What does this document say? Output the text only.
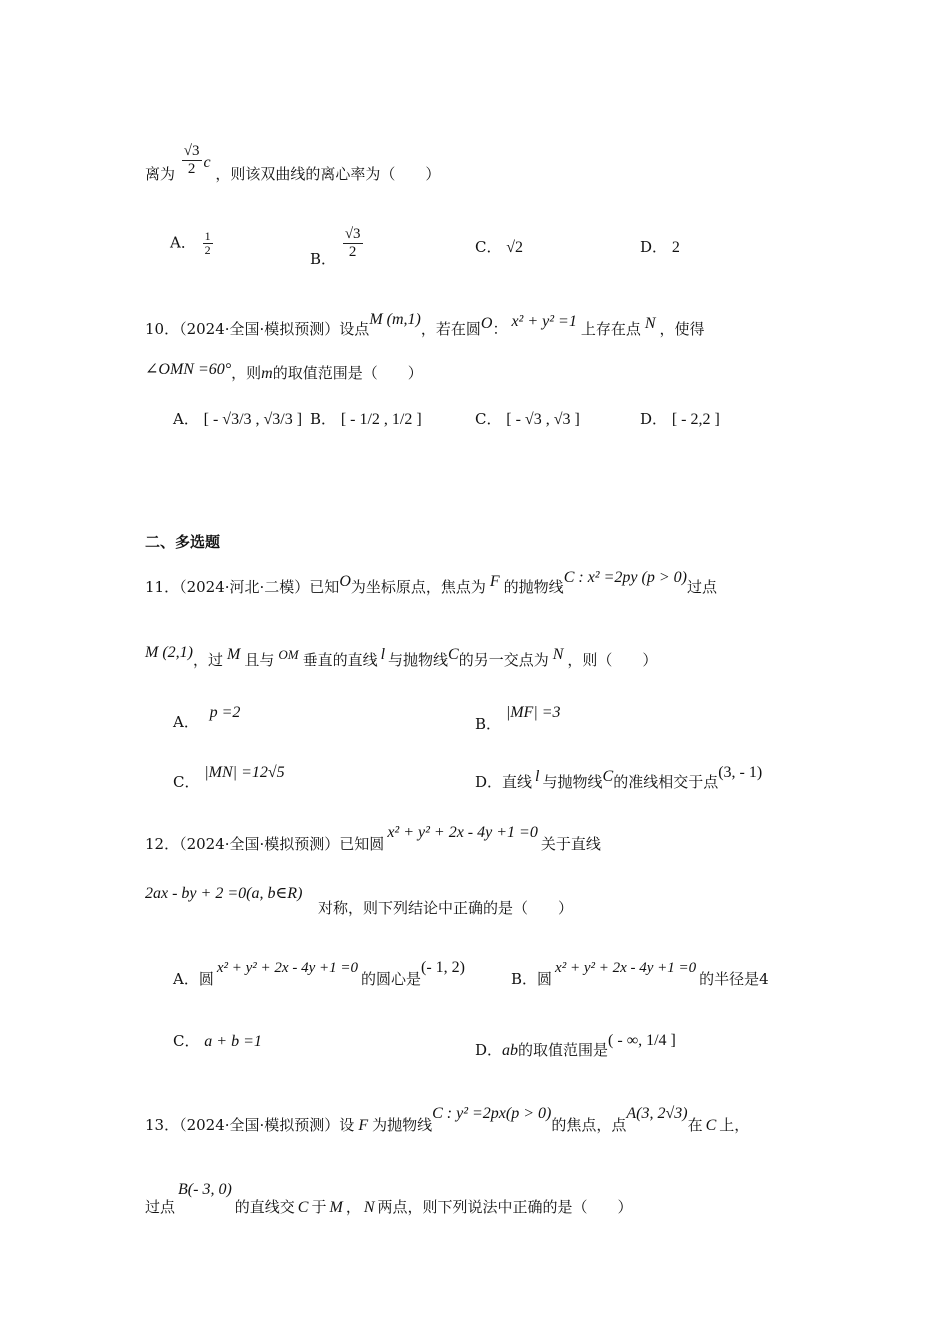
离为 $\frac{√3}{2}$ c ，则该双曲线的离心率为（　　）
A． $\frac{1}{2}$
B． $\frac{√3}{2}$	C． √2	D． 2
10．（2024·全国·模拟预测）设点M (m,1)，若在圆O： x² + y² =1 上存在点 N ，使得
∠OMN =60°，则m的取值范围是（　　）
A． [ - √3/3 , √3/3 ] B． [ - 1/2 , 1/2 ]	C． [ - √3 , √3 ]	D． [ - 2,2 ]
二、多选题
11．（2024·河北·二模）已知O为坐标原点，焦点为 F 的抛物线C : x² =2py (p > 0)过点
M (2,1)，过 M 且与 OM 垂直的直线 l 与抛物线C的另一交点为 N ，则（　　）
A． p =2
B． |MF| =3
C． |MN| =12√5
D．直线 l 与抛物线C的准线相交于点(3, - 1)
12．（2024·全国·模拟预测）已知圆x² + y² + 2x - 4y +1 =0关于直线
2ax - by + 2 =0(a, b∈R)
对称，则下列结论中正确的是（　　）
A．圆x² + y² + 2x - 4y +1 =0的圆心是(- 1, 2)
B．圆x² + y² + 2x - 4y +1 =0的半径是4
C． a + b =1	D．ab的取值范围是( - ∞, 1/4 ]
13．（2024·全国·模拟预测）设 F 为抛物线C : y² =2px(p > 0)的焦点，点A(3, 2√3)在 C 上，
过点B(- 3, 0)的直线交 C 于 M ， N 两点，则下列说法中正确的是（　　）
